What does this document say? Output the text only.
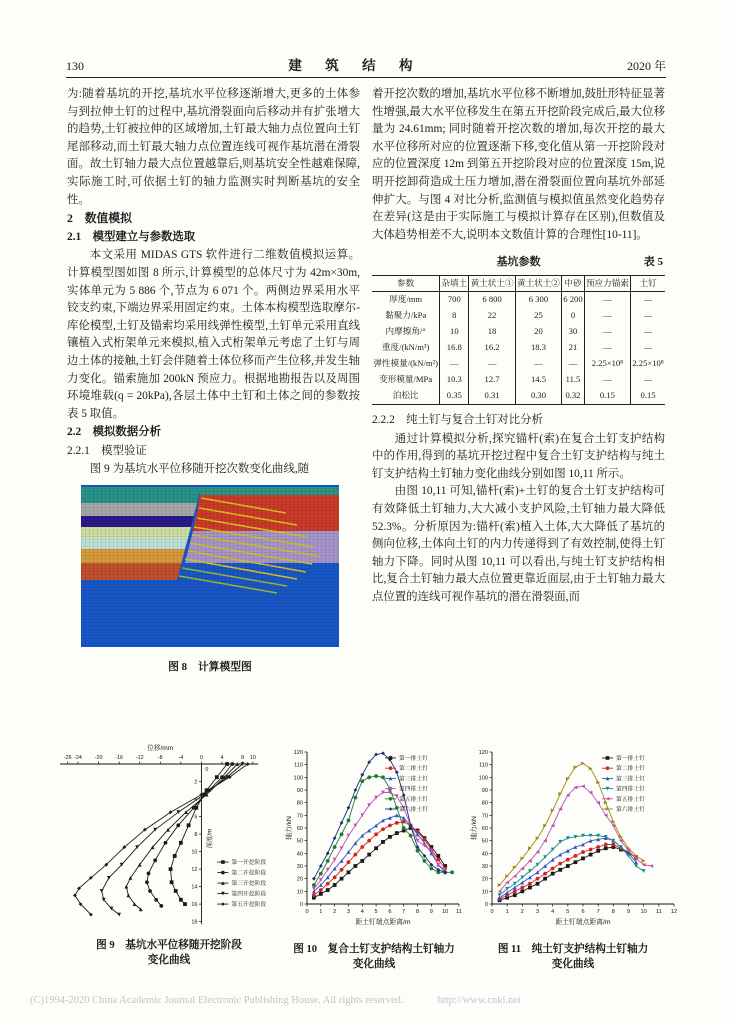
130	建 筑 结 构	2020 年

为:随着基坑的开挖,基坑水平位移逐渐增大,更多的土体参与到拉伸土钉的过程中,基坑滑裂面向后移动并有扩张增大的趋势,土钉被拉伸的区域增加,土钉最大轴力点位置向土钉尾部移动,而土钉最大轴力点位置连线可视作基坑潜在滑裂面。故土钉轴力最大点位置越靠后,则基坑安全性越难保障,实际施工时,可依据土钉的轴力监测实时判断基坑的安全性。

2　数值模拟

2.1　模型建立与参数选取

本文采用 MIDAS GTS 软件进行二维数值模拟运算。计算模型图如图 8 所示,计算模型的总体尺寸为 42m×30m,实体单元为 5 886 个,节点为 6 071 个。两侧边界采用水平铰支约束,下端边界采用固定约束。土体本构模型选取摩尔-库伦模型,土钉及锚索均采用线弹性模型,土钉单元采用直线镶植入式桁架单元来模拟,植入式桁架单元考虑了土钉与周边土体的接触,土钉会伴随着土体位移而产生位移,并发生轴力变化。锚索施加 200kN 预应力。根据地勘报告以及周围环境堆载(q = 20kPa),各层土体中土钉和土体之间的参数按表 5 取值。

2.2　模拟数据分析

2.2.1　模型验证

图 9 为基坑水平位移随开挖次数变化曲线,随

图 8　计算模型图

着开挖次数的增加,基坑水平位移不断增加,鼓肚形特征显著性增强,最大水平位移发生在第五开挖阶段完成后,最大位移量为 24.61mm; 同时随着开挖次数的增加,每次开挖的最大水平位移所对应的位置逐渐下移,变化值从第一开挖阶段对应的位置深度 12m 到第五开挖阶段对应的位置深度 15m,说明开挖卸荷造成土压力增加,潜在滑裂面位置向基坑外部延伸扩大。与图 4 对比分析,监测值与模拟值虽然变化趋势存在差异(这是由于实际施工与模拟计算存在区别),但数值及大体趋势相差不大,说明本文数值计算的合理性[10-11]。

基坑参数	表 5
参数	杂填土	黄土状土①	黄土状土②	中砂	预应力锚索	土钉
厚度/mm	700	6 800	6 300	6 200	—	—
黏聚力/kPa	8	22	25	0	—	—
内摩擦角/°	10	18	20	30	—	—
重度/(kN/m³)	16.8	16.2	18.3	21	—	—
弹性模量/(kN/m²)	—	—	—	—	2.25×10⁸	2.25×10⁸
变形模量/MPa	10.3	12.7	14.5	11.5	—	—
泊松比	0.35	0.31	0.30	0.32	0.15	0.15

2.2.2　纯土钉与复合土钉对比分析

通过计算模拟分析,探究锚杆(索)在复合土钉支护结构中的作用,得到的基坑开挖过程中复合土钉支护结构与纯土钉支护结构土钉轴力变化曲线分别如图 10,11 所示。

由图 10,11 可知,锚杆(索)+土钉的复合土钉支护结构可有效降低土钉轴力,大大减小支护风险,土钉轴力最大降低 52.3%。分析原因为:锚杆(索)植入土体,大大降低了基坑的侧向位移,土体向土钉的内力传递得到了有效控制,使得土钉轴力下降。同时从图 10,11 可以看出,与纯土钉支护结构相比,复合土钉轴力最大点位置更靠近面层,由于土钉轴力最大点位置的连线可视作基坑的潜在滑裂面,而

-26 -24 -20 -16 -12	-8	-4	0	4	8 10
位移/mm
0
2
4
6
8
10
12
14
16
18
深度/m
第一开挖阶段
第二开挖阶段
第三开挖阶段
第四开挖阶段
第五开挖阶段
图 9　基坑水平位移随开挖阶段
变化曲线
0 1 2 3 4 5 6 7 8 9 10 11
0
10
20
30
40
50
60
70
80
90
100
110
120
距土钉端点距离/m
轴力/kN
第一排土钉
第二排土钉
第三排土钉
第四排土钉
第五排土钉
第六排土钉
图 10　复合土钉支护结构土钉轴力
变化曲线
0 1 2 3 4 5 6 7 8 9 10 11 12
0
10
20
30
40
50
60
70
80
90
100
110
120
距土钉端点距离/m
轴力/kN
第一排土钉
第二排土钉
第三排土钉
第四排土钉
第五排土钉
第六排土钉
图 11　纯土钉支护结构土钉轴力
变化曲线
(C)1994-2020 China Academic Journal Electronic Publishing House. All rights reserved.	http://www.cnki.net
